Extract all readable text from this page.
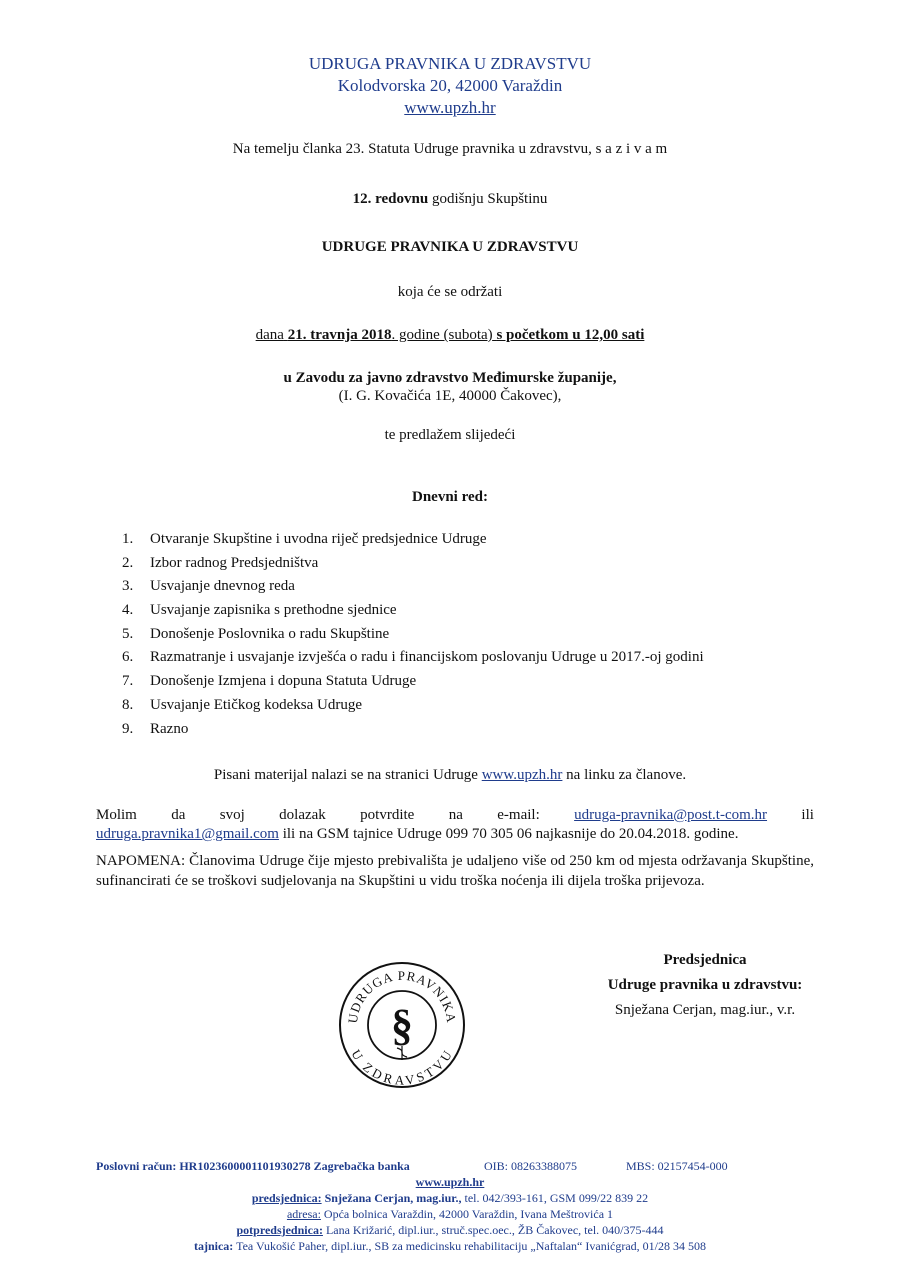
UDRUGA PRAVNIKA U ZDRAVSTVU
Kolodvorska 20, 42000 Varaždin
www.upzh.hr
Na temelju članka 23. Statuta Udruge pravnika u zdravstvu, s a z i v a m
12. redovnu godišnju Skupštinu
UDRUGE PRAVNIKA U ZDRAVSTVU
koja će se održati
dana 21. travnja 2018. godine (subota) s početkom u 12,00 sati
u Zavodu za javno zdravstvo Međimurske županije,
(I. G. Kovačića 1E, 40000 Čakovec),
te predlažem slijedeći
Dnevni red:
1.	Otvaranje Skupštine i uvodna riječ predsjednice Udruge
2.	Izbor radnog Predsjedništva
3.	Usvajanje dnevnog reda
4.	Usvajanje zapisnika s prethodne sjednice
5.	Donošenje Poslovnika o radu Skupštine
6.	Razmatranje i usvajanje izvješća o radu i financijskom poslovanju Udruge u 2017.-oj godini
7.	Donošenje Izmjena i dopuna Statuta Udruge
8.	Usvajanje Etičkog kodeksa Udruge
9.	Razno
Pisani materijal nalazi se na stranici Udruge www.upzh.hr na linku za članove.
Molim da svoj dolazak potvrdite na e-mail: udruga-pravnika@post.t-com.hr ili
udruga.pravnika1@gmail.com ili na GSM tajnice Udruge 099 70 305 06 najkasnije do 20.04.2018. godine.
NAPOMENA: Članovima Udruge čije mjesto prebivališta je udaljeno više od 250 km od mjesta održavanja Skupštine, sufinancirati će se troškovi sudjelovanja na Skupštini u vidu troška noćenja ili dijela troška prijevoza.
UDRUGA PRAVNIKA
U ZDRAVSTVU
§
Predsjednica
Udruge pravnika u zdravstvu:
Snježana Cerjan, mag.iur., v.r.
Poslovni račun: HR1023600001101930278 Zagrebačka banka	OIB: 08263388075	MBS: 02157454-000
www.upzh.hr
predsjednica: Snježana Cerjan, mag.iur., tel. 042/393-161, GSM 099/22 839 22
adresa: Opća bolnica Varaždin, 42000 Varaždin, Ivana Meštrovića 1
potpredsjednica: Lana Križarić, dipl.iur., struč.spec.oec., ŽB Čakovec, tel. 040/375-444
tajnica: Tea Vukošić Paher, dipl.iur., SB za medicinsku rehabilitaciju „Naftalan“ Ivanićgrad, 01/28 34 508
